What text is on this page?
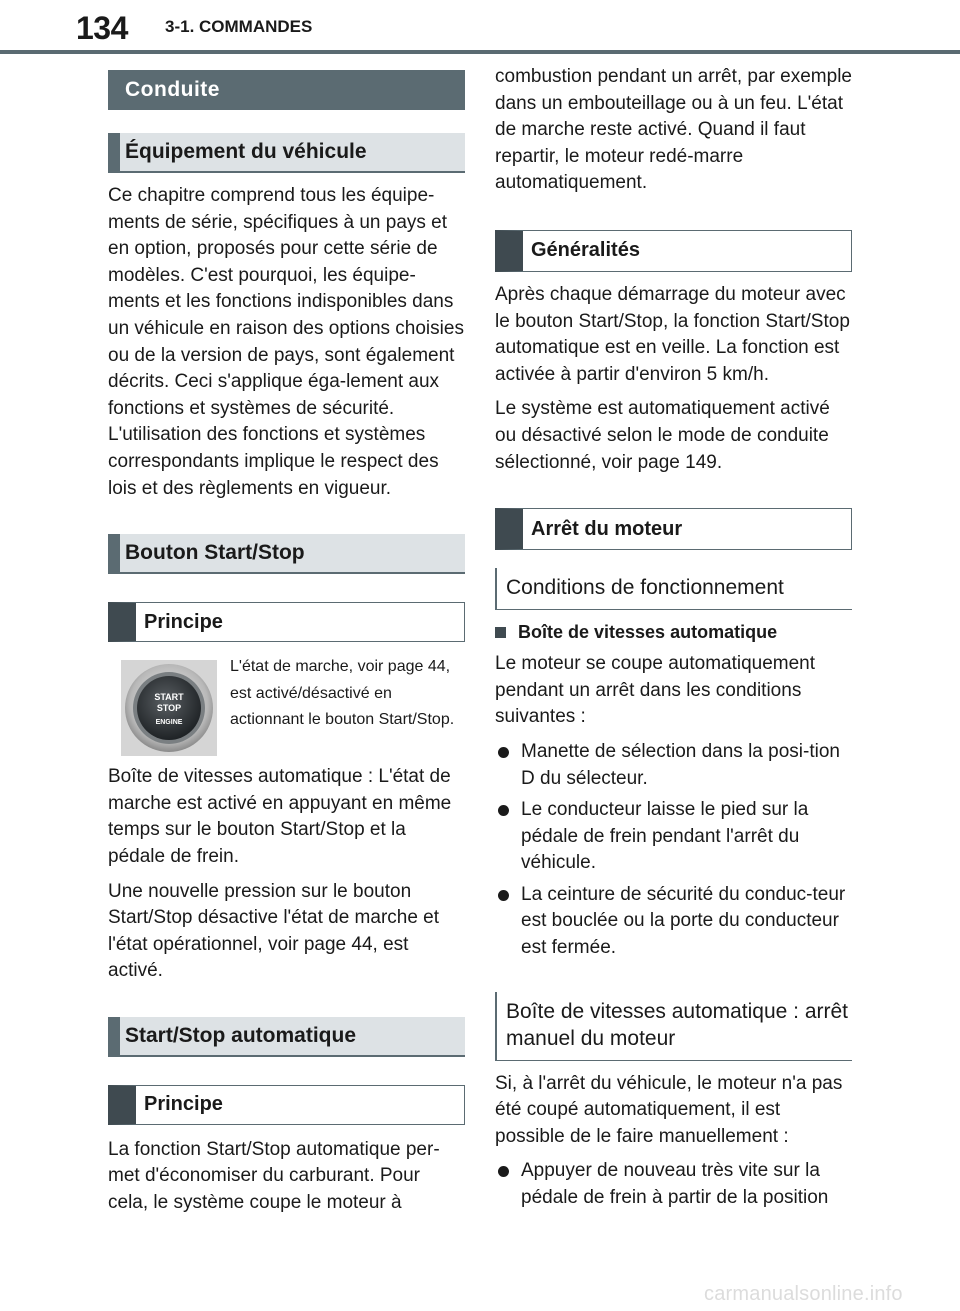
134 3-1. COMMANDES
Conduite
Équipement du véhicule

Ce chapitre comprend tous les équipe-ments de série, spécifiques à un pays et en option, proposés pour cette série de modèles. C'est pourquoi, les équipe-ments et les fonctions indisponibles dans un véhicule en raison des options choisies ou de la version de pays, sont également décrits. Ceci s'applique éga-lement aux fonctions et systèmes de sécurité. L'utilisation des fonctions et systèmes correspondants implique le respect des lois et des règlements en vigueur.

Bouton Start/Stop
Principe
START
STOP
ENGINE
L'état de marche, voir page 44, est activé/désactivé en actionnant le bouton Start/Stop.

Boîte de vitesses automatique : L'état de marche est activé en appuyant en même temps sur le bouton Start/Stop et la pédale de frein.

Une nouvelle pression sur le bouton Start/Stop désactive l'état de marche et l'état opérationnel, voir page 44, est activé.

Start/Stop automatique
Principe

La fonction Start/Stop automatique per-met d'économiser du carburant. Pour cela, le système coupe le moteur à

combustion pendant un arrêt, par exemple dans un embouteillage ou à un feu. L'état de marche reste activé. Quand il faut repartir, le moteur redé-marre automatiquement.

Généralités

Après chaque démarrage du moteur avec le bouton Start/Stop, la fonction Start/Stop automatique est en veille. La fonction est activée à partir d'environ 5 km/h.

Le système est automatiquement activé ou désactivé selon le mode de conduite sélectionné, voir page 149.

Arrêt du moteur
Conditions de fonctionnement
Boîte de vitesses automatique

Le moteur se coupe automatiquement pendant un arrêt dans les conditions suivantes :

Manette de sélection dans la posi-tion D du sélecteur.
Le conducteur laisse le pied sur la pédale de frein pendant l'arrêt du véhicule.
La ceinture de sécurité du conduc-teur est bouclée ou la porte du conducteur est fermée.
Boîte de vitesses automatique : arrêt manuel du moteur

Si, à l'arrêt du véhicule, le moteur n'a pas été coupé automatiquement, il est possible de le faire manuellement :

Appuyer de nouveau très vite sur la pédale de frein à partir de la position
carmanualsonline.info
